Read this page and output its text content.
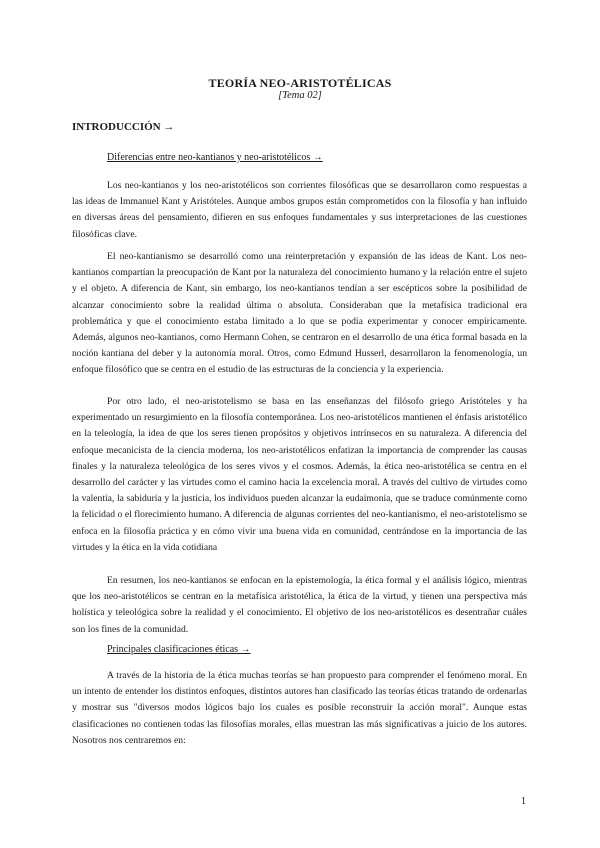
TEORÍA NEO-ARISTOTÉLICAS
[Tema 02]
INTRODUCCIÓN →
Diferencias entre neo-kantianos y neo-aristotélicos →

Los neo-kantianos y los neo-aristotélicos son corrientes filosóficas que se desarrollaron como respuestas a las ideas de Immanuel Kant y Aristóteles. Aunque ambos grupos están comprometidos con la filosofía y han influido en diversas áreas del pensamiento, difieren en sus enfoques fundamentales y sus interpretaciones de las cuestiones filosóficas clave.

El neo-kantianismo se desarrolló como una reinterpretación y expansión de las ideas de Kant. Los neo-kantianos compartían la preocupación de Kant por la naturaleza del conocimiento humano y la relación entre el sujeto y el objeto. A diferencia de Kant, sin embargo, los neo-kantianos tendían a ser escépticos sobre la posibilidad de alcanzar conocimiento sobre la realidad última o absoluta. Consideraban que la metafísica tradicional era problemática y que el conocimiento estaba limitado a lo que se podía experimentar y conocer empíricamente. Además, algunos neo-kantianos, como Hermann Cohen, se centraron en el desarrollo de una ética formal basada en la noción kantiana del deber y la autonomía moral. Otros, como Edmund Husserl, desarrollaron la fenomenología, un enfoque filosófico que se centra en el estudio de las estructuras de la conciencia y la experiencia.

Por otro lado, el neo-aristotelismo se basa en las enseñanzas del filósofo griego Aristóteles y ha experimentado un resurgimiento en la filosofía contemporánea. Los neo-aristotélicos mantienen el énfasis aristotélico en la teleología, la idea de que los seres tienen propósitos y objetivos intrínsecos en su naturaleza. A diferencia del enfoque mecanicista de la ciencia moderna, los neo-aristotélicos enfatizan la importancia de comprender las causas finales y la naturaleza teleológica de los seres vivos y el cosmos. Además, la ética neo-aristotélica se centra en el desarrollo del carácter y las virtudes como el camino hacia la excelencia moral. A través del cultivo de virtudes como la valentía, la sabiduría y la justicia, los individuos pueden alcanzar la eudaimonía, que se traduce comúnmente como la felicidad o el florecimiento humano. A diferencia de algunas corrientes del neo-kantianismo, el neo-aristotelismo se enfoca en la filosofía práctica y en cómo vivir una buena vida en comunidad, centrándose en la importancia de las virtudes y la ética en la vida cotidiana

En resumen, los neo-kantianos se enfocan en la epistemología, la ética formal y el análisis lógico, mientras que los neo-aristotélicos se centran en la metafísica aristotélica, la ética de la virtud, y tienen una perspectiva más holística y teleológica sobre la realidad y el conocimiento. El objetivo de los neo-aristotélicos es desentrañar cuáles son los fines de la comunidad.

Principales clasificaciones éticas →

A través de la historia de la ética muchas teorías se han propuesto para comprender el fenómeno moral. En un intento de entender los distintos enfoques, distintos autores han clasificado las teorías éticas tratando de ordenarlas y mostrar sus "diversos modos lógicos bajo los cuales es posible reconstruir la acción moral". Aunque estas clasificaciones no contienen todas las filosofías morales, ellas muestran las más significativas a juicio de los autores. Nosotros nos centraremos en:

1
